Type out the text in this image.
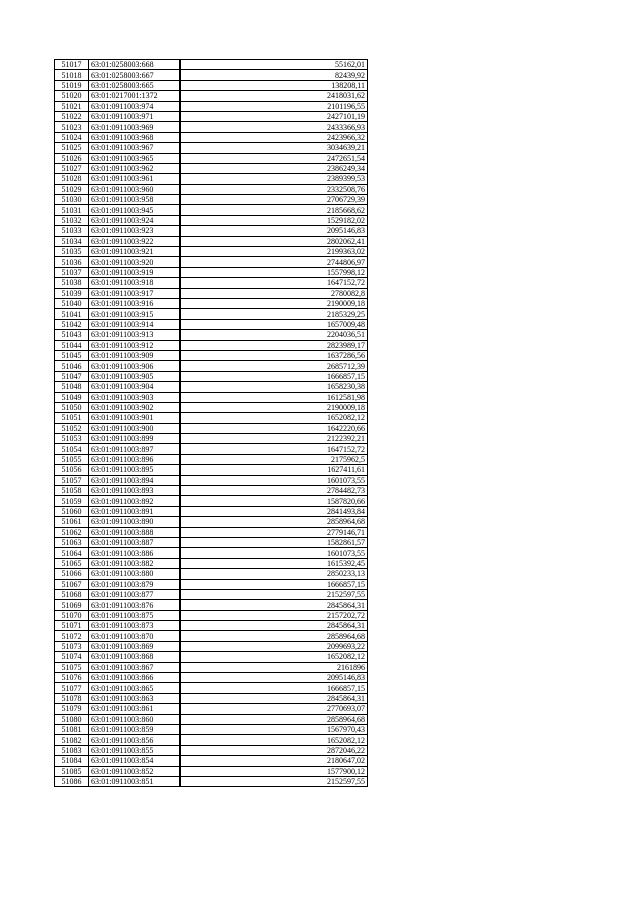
51017	63:01:0258003:668	55162,01
51018	63:01:0258003:667	82439,92
51019	63:01:0258003:665	138208,11
51020	63:01:0217001:1372	2418031,62
51021	63:01:0911003:974	2101196,55
51022	63:01:0911003:971	2427101,19
51023	63:01:0911003:969	2433366,93
51024	63:01:0911003:968	2423966,32
51025	63:01:0911003:967	3034639,21
51026	63:01:0911003:965	2472651,54
51027	63:01:0911003:962	2386249,34
51028	63:01:0911003:961	2389399,53
51029	63:01:0911003:960	2332508,76
51030	63:01:0911003:958	2706729,39
51031	63:01:0911003:945	2185668,62
51032	63:01:0911003:924	1529182,02
51033	63:01:0911003:923	2095146,83
51034	63:01:0911003:922	2802062,41
51035	63:01:0911003:921	2199363,02
51036	63:01:0911003:920	2744806,97
51037	63:01:0911003:919	1557998,12
51038	63:01:0911003:918	1647152,72
51039	63:01:0911003:917	2780082,8
51040	63:01:0911003:916	2190009,18
51041	63:01:0911003:915	2185329,25
51042	63:01:0911003:914	1657009,48
51043	63:01:0911003:913	2204036,51
51044	63:01:0911003:912	2823989,17
51045	63:01:0911003:909	1637286,56
51046	63:01:0911003:906	2685712,39
51047	63:01:0911003:905	1666857,15
51048	63:01:0911003:904	1658230,38
51049	63:01:0911003:903	1612581,98
51050	63:01:0911003:902	2190009,18
51051	63:01:0911003:901	1652082,12
51052	63:01:0911003:900	1642220,66
51053	63:01:0911003:899	2122392,21
51054	63:01:0911003:897	1647152,72
51055	63:01:0911003:896	2175962,5
51056	63:01:0911003:895	1627411,61
51057	63:01:0911003:894	1601073,55
51058	63:01:0911003:893	2784482,73
51059	63:01:0911003:892	1587820,66
51060	63:01:0911003:891	2841493,84
51061	63:01:0911003:890	2858964,68
51062	63:01:0911003:888	2779146,71
51063	63:01:0911003:887	1582861,57
51064	63:01:0911003:886	1601073,55
51065	63:01:0911003:882	1615392,45
51066	63:01:0911003:880	2850233,13
51067	63:01:0911003:879	1666857,15
51068	63:01:0911003:877	2152597,55
51069	63:01:0911003:876	2845864,31
51070	63:01:0911003:875	2157202,72
51071	63:01:0911003:873	2845864,31
51072	63:01:0911003:870	2858964,68
51073	63:01:0911003:869	2099693,22
51074	63:01:0911003:868	1652082,12
51075	63:01:0911003:867	2161896
51076	63:01:0911003:866	2095146,83
51077	63:01:0911003:865	1666857,15
51078	63:01:0911003:863	2845864,31
51079	63:01:0911003:861	2770693,07
51080	63:01:0911003:860	2858964,68
51081	63:01:0911003:859	1567970,43
51082	63:01:0911003:856	1652082,12
51083	63:01:0911003:855	2872046,22
51084	63:01:0911003:854	2180647,02
51085	63:01:0911003:852	1577900,12
51086	63:01:0911003:851	2152597,55
